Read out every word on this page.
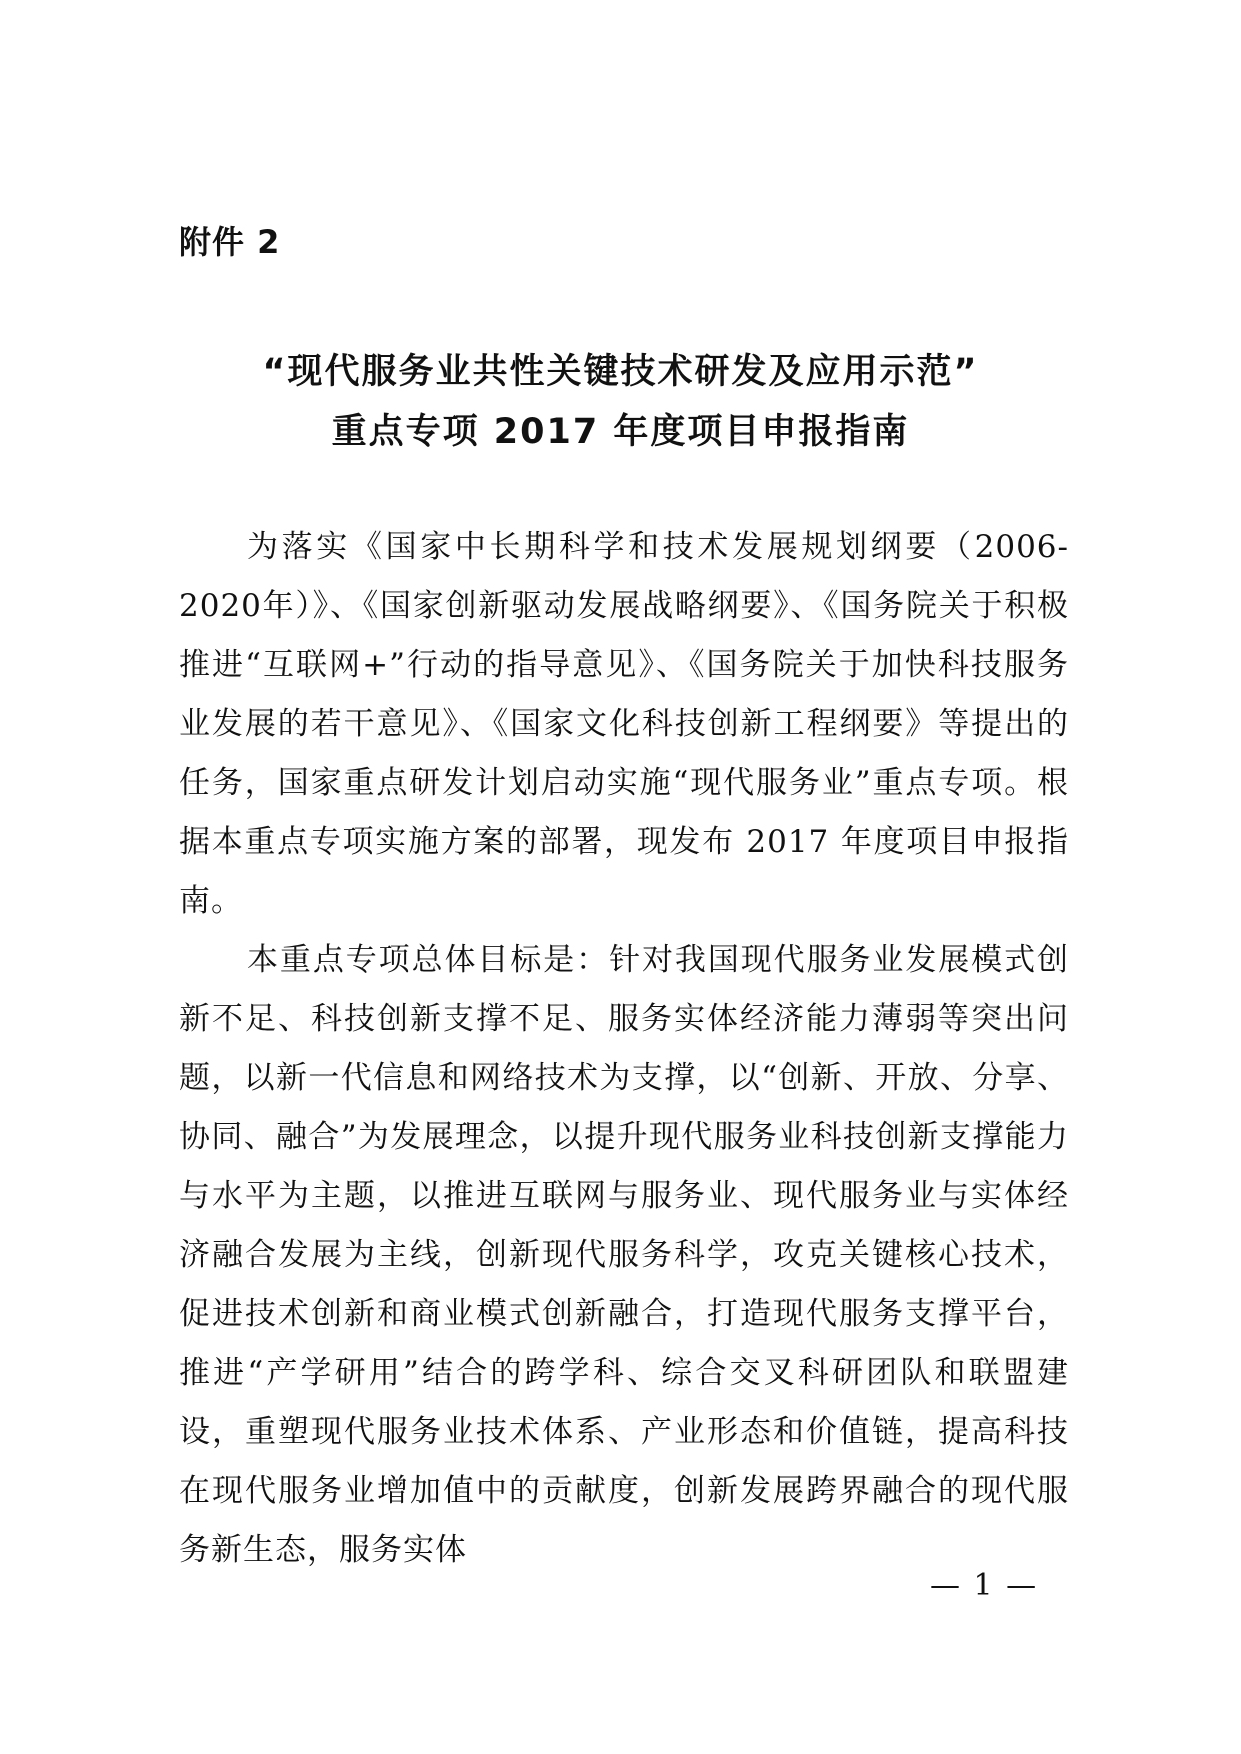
附件 2
“现代服务业共性关键技术研发及应用示范”
重点专项 2017 年度项目申报指南

为落实《国家中长期科学和技术发展规划纲要（2006-2020年）》、《国家创新驱动发展战略纲要》、《国务院关于积极推进“互联网+”行动的指导意见》、《国务院关于加快科技服务业发展的若干意见》、《国家文化科技创新工程纲要》等提出的任务，国家重点研发计划启动实施“现代服务业”重点专项。根据本重点专项实施方案的部署，现发布 2017 年度项目申报指南。

本重点专项总体目标是：针对我国现代服务业发展模式创新不足、科技创新支撑不足、服务实体经济能力薄弱等突出问题，以新一代信息和网络技术为支撑，以“创新、开放、分享、协同、融合”为发展理念，以提升现代服务业科技创新支撑能力与水平为主题，以推进互联网与服务业、现代服务业与实体经济融合发展为主线，创新现代服务科学，攻克关键核心技术，促进技术创新和商业模式创新融合，打造现代服务支撑平台，推进“产学研用”结合的跨学科、综合交叉科研团队和联盟建设，重塑现代服务业技术体系、产业形态和价值链，提高科技在现代服务业增加值中的贡献度，创新发展跨界融合的现代服务新生态，服务实体

— 1 —
